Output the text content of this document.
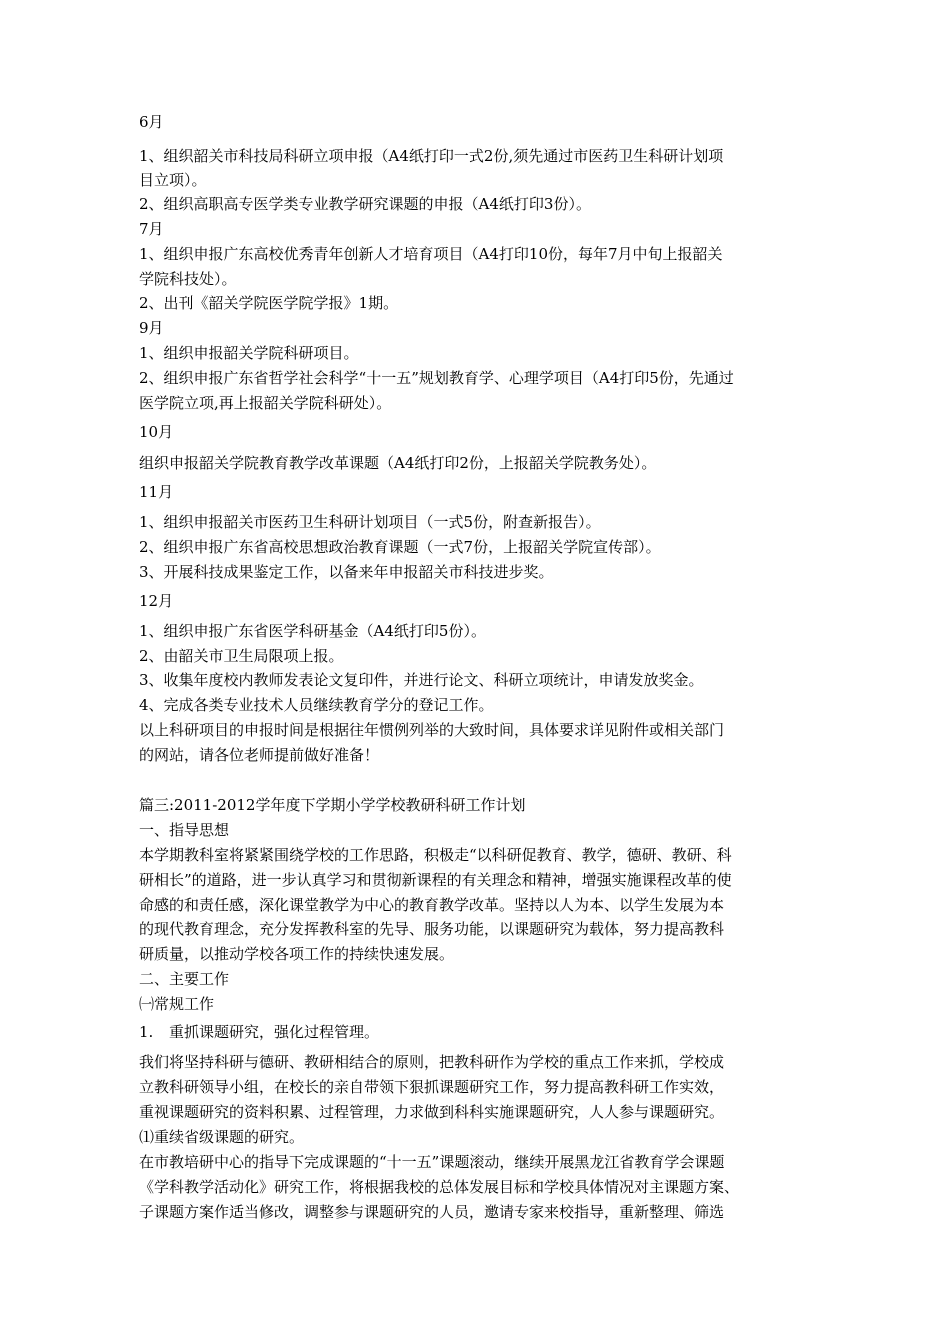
6月
1、组织韶关市科技局科研立项申报（A4纸打印一式2份,须先通过市医药卫生科研计划项
目立项）。
2、组织高职高专医学类专业教学研究课题的申报（A4纸打印3份）。
7月
1、组织申报广东高校优秀青年创新人才培育项目（A4打印10份，每年7月中旬上报韶关
学院科技处）。
2、出刊《韶关学院医学院学报》1期。
9月
1、组织申报韶关学院科研项目。
2、组织申报广东省哲学社会科学“十一五”规划教育学、心理学项目（A4打印5份，先通过
医学院立项,再上报韶关学院科研处）。
10月
组织申报韶关学院教育教学改革课题（A4纸打印2份，上报韶关学院教务处）。
11月
1、组织申报韶关市医药卫生科研计划项目（一式5份，附查新报告）。
2、组织申报广东省高校思想政治教育课题（一式7份，上报韶关学院宣传部）。
3、开展科技成果鉴定工作，以备来年申报韶关市科技进步奖。
12月
1、组织申报广东省医学科研基金（A4纸打印5份）。
2、由韶关市卫生局限项上报。
3、收集年度校内教师发表论文复印件，并进行论文、科研立项统计，申请发放奖金。
4、完成各类专业技术人员继续教育学分的登记工作。
以上科研项目的申报时间是根据往年惯例列举的大致时间，具体要求详见附件或相关部门
的网站，请各位老师提前做好准备！
篇三:2011-2012学年度下学期小学学校教研科研工作计划
一、指导思想
本学期教科室将紧紧围绕学校的工作思路，积极走“以科研促教育、教学，德研、教研、科
研相长”的道路，进一步认真学习和贯彻新课程的有关理念和精神，增强实施课程改革的使
命感的和责任感，深化课堂教学为中心的教育教学改革。坚持以人为本、以学生发展为本
的现代教育理念，充分发挥教科室的先导、服务功能，以课题研究为载体，努力提高教科
研质量，以推动学校各项工作的持续快速发展。
二、主要工作
㈠常规工作
1. 重抓课题研究，强化过程管理。
我们将坚持科研与德研、教研相结合的原则，把教科研作为学校的重点工作来抓，学校成
立教科研领导小组，在校长的亲自带领下狠抓课题研究工作，努力提高教科研工作实效，
重视课题研究的资料积累、过程管理，力求做到科科实施课题研究，人人参与课题研究。
⑴重续省级课题的研究。
在市教培研中心的指导下完成课题的“十一五”课题滚动，继续开展黑龙江省教育学会课题
《学科教学活动化》研究工作，将根据我校的总体发展目标和学校具体情况对主课题方案、
子课题方案作适当修改，调整参与课题研究的人员，邀请专家来校指导，重新整理、筛选
